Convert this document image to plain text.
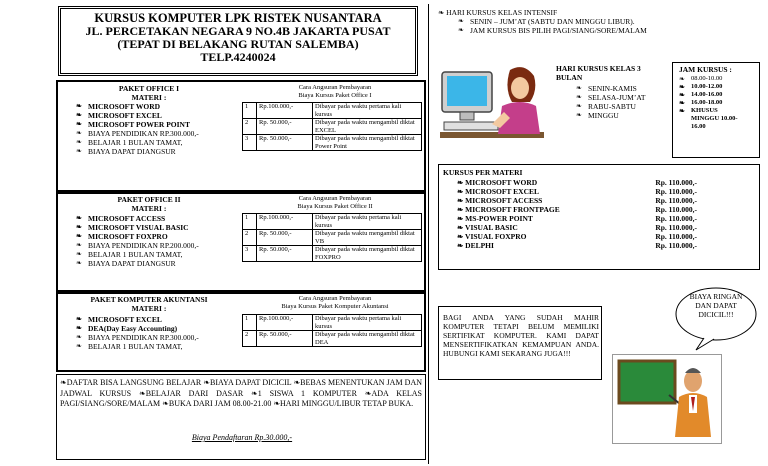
KURSUS KOMPUTER LPK RISTEK NUSANTARA
JL. PERCETAKAN NEGARA 9 NO.4B JAKARTA PUSAT
(TEPAT DI BELAKANG RUTAN SALEMBA)
TELP.4240024
PAKET OFFICE I
MATERI :
❧ MICROSOFT WORD
❧ MICROSOFT EXCEL
❧ MICROSOFT POWER POINT
❧ BIAYA PENDIDIKAN RP.300.000,-
❧ BELAJAR 1 BULAN TAMAT,
❧ BIAYA DAPAT DIANGSUR
Cara Angsuran Pembayaran
Biaya Kursus Paket Office I
1	Rp.100.000,-	Dibayar pada waktu pertama kali kursus
2	Rp. 50.000,-	Dibayar pada waktu mengambil diktat EXCEL
3	Rp. 50.000,-	Dibayar pada waktu mengambil diktat Power Point
PAKET OFFICE II
MATERI :
❧ MICROSOFT ACCESS
❧ MICROSOFT VISUAL BASIC
❧ MICROSOFT FOXPRO
❧ BIAYA PENDIDIKAN RP.200.000,-
❧ BELAJAR 1 BULAN TAMAT,
❧ BIAYA DAPAT DIANGSUR
Cara Angsuran Pembayaran
Biaya Kursus Paket Office II
1	Rp.100.000,-	Dibayar pada waktu pertama kali kursus
2	Rp. 50.000,-	Dibayar pada waktu mengambil diktat VB
3	Rp. 50.000,-	Dibayar pada waktu mengambil diktat FOXPRO
PAKET KOMPUTER AKUNTANSI
MATERI :
❧ MICROSOFT EXCEL
❧ DEA(Day Easy Accounting)
❧ BIAYA PENDIDIKAN RP.300.000,-
❧ BELAJAR 1 BULAN TAMAT,
Cara Angsuran Pembayaran
Biaya Kursus Paket Komputer Akuntansi
1	Rp.100.000,-	Dibayar pada waktu pertama kali kursus
2	Rp. 50.000,-	Dibayar pada waktu mengambil diktat DEA
❧DAFTAR BISA LANGSUNG BELAJAR ❧BIAYA DAPAT DICICIL ❧BEBAS MENENTUKAN JAM DAN JADWAL KURSUS ❧BELAJAR DARI DASAR ❧1 SISWA 1 KOMPUTER ❧ADA KELAS PAGI/SIANG/SORE/MALAM ❧BUKA DARI JAM 08.00-21.00 ❧HARI MINGGU/LIBUR TETAP BUKA.
Biaya Pendaftaran Rp.30.000,-
❧ HARI KURSUS KELAS INTENSIF
❧ SENIN – JUM’AT (SABTU DAN MINGGU LIBUR).
❧ JAM KURSUS BIS PILIH PAGI/SIANG/SORE/MALAM
HARI KURSUS KELAS 3 BULAN
❧ SENIN-KAMIS
❧ SELASA-JUM’AT
❧ RABU-SABTU
❧ MINGGU
JAM KURSUS :
❧ 08.00-10.00
❧ 10.00-12.00
❧ 14.00-16.00
❧ 16.00-18.00
❧ KHUSUS MINGGU 10.00-16.00
KURSUS PER MATERI
❧ MICROSOFT WORD	Rp. 110.000,-
❧ MICROSOFT EXCEL	Rp. 110.000,-
❧ MICROSOFT ACCESS	Rp. 110.000,-
❧ MICROSOFT FRONTPAGE	Rp. 110.000,-
❧ MS-POWER POINT	Rp. 110.000,-
❧ VISUAL BASIC	Rp. 110.000,-
❧ VISUAL FOXPRO	Rp. 110.000,-
❧ DELPHI	Rp. 110.000,-
BAGI ANDA YANG SUDAH MAHIR KOMPUTER TETAPI BELUM MEMILIKI SERTIFIKAT KOMPUTER. KAMI DAPAT MENSERTIFIKATKAN KEMAMPUAN ANDA. HUBUNGI KAMI SEKARANG JUGA!!!
BIAYA RINGAN DAN DAPAT DICICIL!!!
